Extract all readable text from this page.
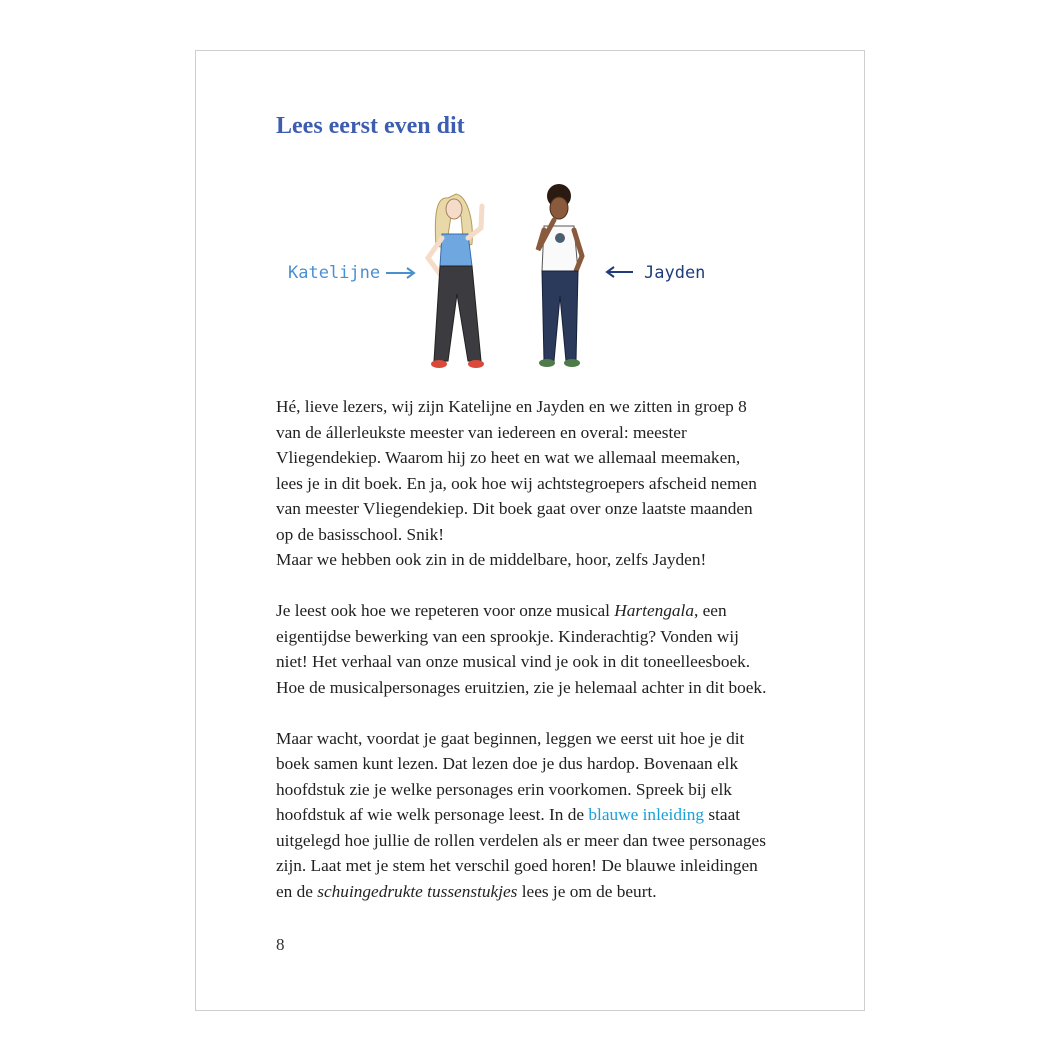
Lees eerst even dit
Katelijne	Jayden

Hé, lieve lezers, wij zijn Katelijne en Jayden en we zitten in groep 8
van de állerleukste meester van iedereen en overal: meester
Vliegendekiep. Waarom hij zo heet en wat we allemaal meemaken,
lees je in dit boek. En ja, ook hoe wij achtstegroepers afscheid nemen
van meester Vliegendekiep. Dit boek gaat over onze laatste maanden
op de basisschool. Snik!
Maar we hebben ook zin in de middelbare, hoor, zelfs Jayden!

Je leest ook hoe we repeteren voor onze musical Hartengala, een
eigentijdse bewerking van een sprookje. Kinderachtig? Vonden wij
niet! Het verhaal van onze musical vind je ook in dit toneelleesboek.
Hoe de musicalpersonages eruitzien, zie je helemaal achter in dit boek.

Maar wacht, voordat je gaat beginnen, leggen we eerst uit hoe je dit
boek samen kunt lezen. Dat lezen doe je dus hardop. Bovenaan elk
hoofdstuk zie je welke personages erin voorkomen. Spreek bij elk
hoofdstuk af wie welk personage leest. In de blauwe inleiding staat
uitgelegd hoe jullie de rollen verdelen als er meer dan twee personages
zijn. Laat met je stem het verschil goed horen! De blauwe inleidingen
en de schuingedrukte tussenstukjes lees je om de beurt.

8
